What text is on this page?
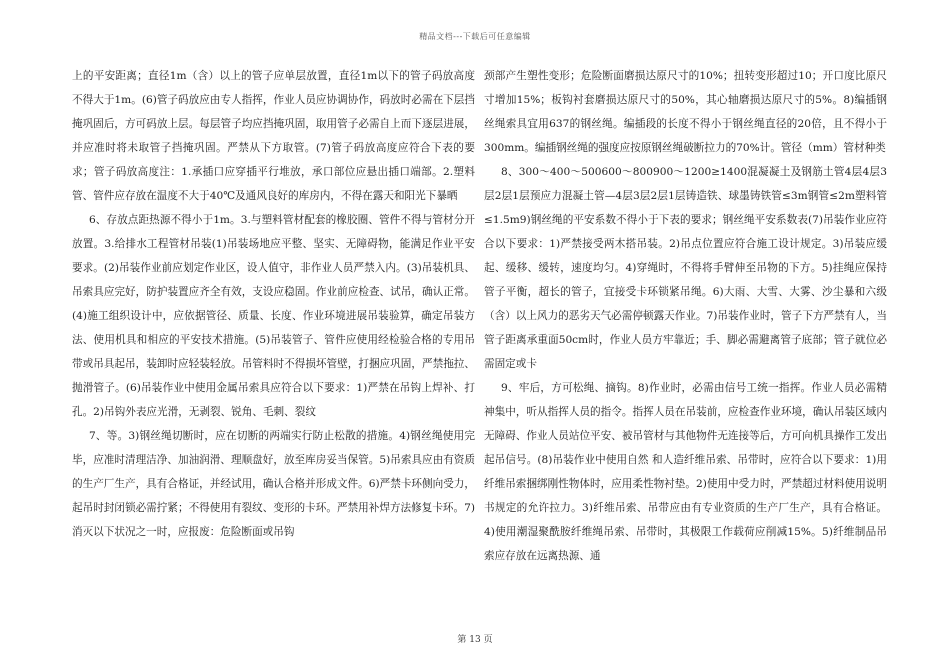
精品文档---下载后可任意编辑

上的平安距离；直径1m（含）以上的管子应单层放置，直径1m以下的管子码放高度不得大于1m。(6)管子码放应由专人指挥，作业人员应协调协作，码放时必需在下层挡掩巩固后，方可码放上层。每层管子均应挡掩巩固，取用管子必需自上而下逐层进展，并应准时将未取管子挡掩巩固。严禁从下方取管。(7)管子码放高度应符合下表的要求；管子码放高度注：1.承插口应穿插平行堆放，承口部位应悬出插口端部。2.塑料管、管件应存放在温度不大于40℃及通风良好的库房内，不得在露天和阳光下暴晒

6、存放点距热源不得小于1m。3.与塑料管材配套的橡胶圈、管件不得与管材分开放置。3.给排水工程管材吊装(1)吊装场地应平整、坚实、无障碍物，能满足作业平安要求。(2)吊装作业前应划定作业区，设人值守，非作业人员严禁入内。(3)吊装机具、吊索具应完好，防护装置应齐全有效，支设应稳固。作业前应检查、试吊，确认正常。(4)施工组织设计中，应依据管径、质量、长度、作业环境进展吊装验算，确定吊装方法、使用机具和相应的平安技术措施。(5)吊装管子、管件应使用经检验合格的专用吊带或吊具起吊，装卸时应轻装轻放。吊管料时不得损坏管壁，打捆应巩固，严禁拖拉、抛滑管子。(6)吊装作业中使用金属吊索具应符合以下要求：1)严禁在吊钩上焊补、打孔。2)吊钩外表应光滑，无剥裂、锐角、毛刺、裂纹

7、等。3)钢丝绳切断时，应在切断的两端实行防止松散的措施。4)钢丝绳使用完毕，应准时清理洁净、加油润滑、理顺盘好，放至库房妥当保管。5)吊索具应由有资质的生产厂生产，具有合格证，并经试用，确认合格并形成文件。6)严禁卡环侧向受力，起吊时封闭锁必需拧紧；不得使用有裂纹、变形的卡环。严禁用补焊方法修复卡环。7)消灭以下状况之一时，应报废：危险断面或吊钩

颈部产生塑性变形；危险断面磨损达原尺寸的10%；扭转变形超过10；开口度比原尺寸增加15%；板钩衬套磨损达原尺寸的50%，其心轴磨损达原尺寸的5%。8)编插钢丝绳索具宜用637的钢丝绳。编插段的长度不得小于钢丝绳直径的20倍，且不得小于300mm。编插钢丝绳的强度应按原钢丝绳破断拉力的70%计。管径（mm）管材种类

8、300～400～500600～800900～1200≥1400混凝凝土及钢筋土管4层4层3层2层1层预应力混凝土管—4层3层2层1层铸造铁、球墨铸铁管≤3m钢管≤2m塑料管≤1.5m9)钢丝绳的平安系数不得小于下表的要求；钢丝绳平安系数表(7)吊装作业应符合以下要求：1)严禁接受两木搭吊装。2)吊点位置应符合施工设计规定。3)吊装应缓起、缓移、缓转，速度均匀。4)穿绳时，不得将手臂伸至吊物的下方。5)挂绳应保持管子平衡，超长的管子，宜接受卡环锁紧吊绳。6)大雨、大雪、大雾、沙尘暴和六级（含）以上风力的恶劣天气必需停顿露天作业。7)吊装作业时，管子下方严禁有人，当管子距离承重面50cm时，作业人员方牢靠近；手、脚必需避离管子底部；管子就位必需固定或卡

9、牢后，方可松绳、摘钩。8)作业时，必需由信号工统一指挥。作业人员必需精神集中，听从指挥人员的指令。指挥人员在吊装前，应检查作业环境，确认吊装区域内无障碍、作业人员站位平安、被吊管材与其他物件无连接等后，方可向机具操作工发出起吊信号。(8)吊装作业中使用自然 和人造纤维吊索、吊带时，应符合以下要求：1)用纤维吊索捆绑刚性物体时，应用柔性物衬垫。2)使用中受力时，严禁超过材料使用说明书规定的允许拉力。3)纤维吊索、吊带应由有专业资质的生产厂生产，具有合格证。4)使用潮湿聚酰胺纤维绳吊索、吊带时，其极限工作载荷应削减15%。5)纤维制品吊索应存放在远离热源、通

第 13 页
